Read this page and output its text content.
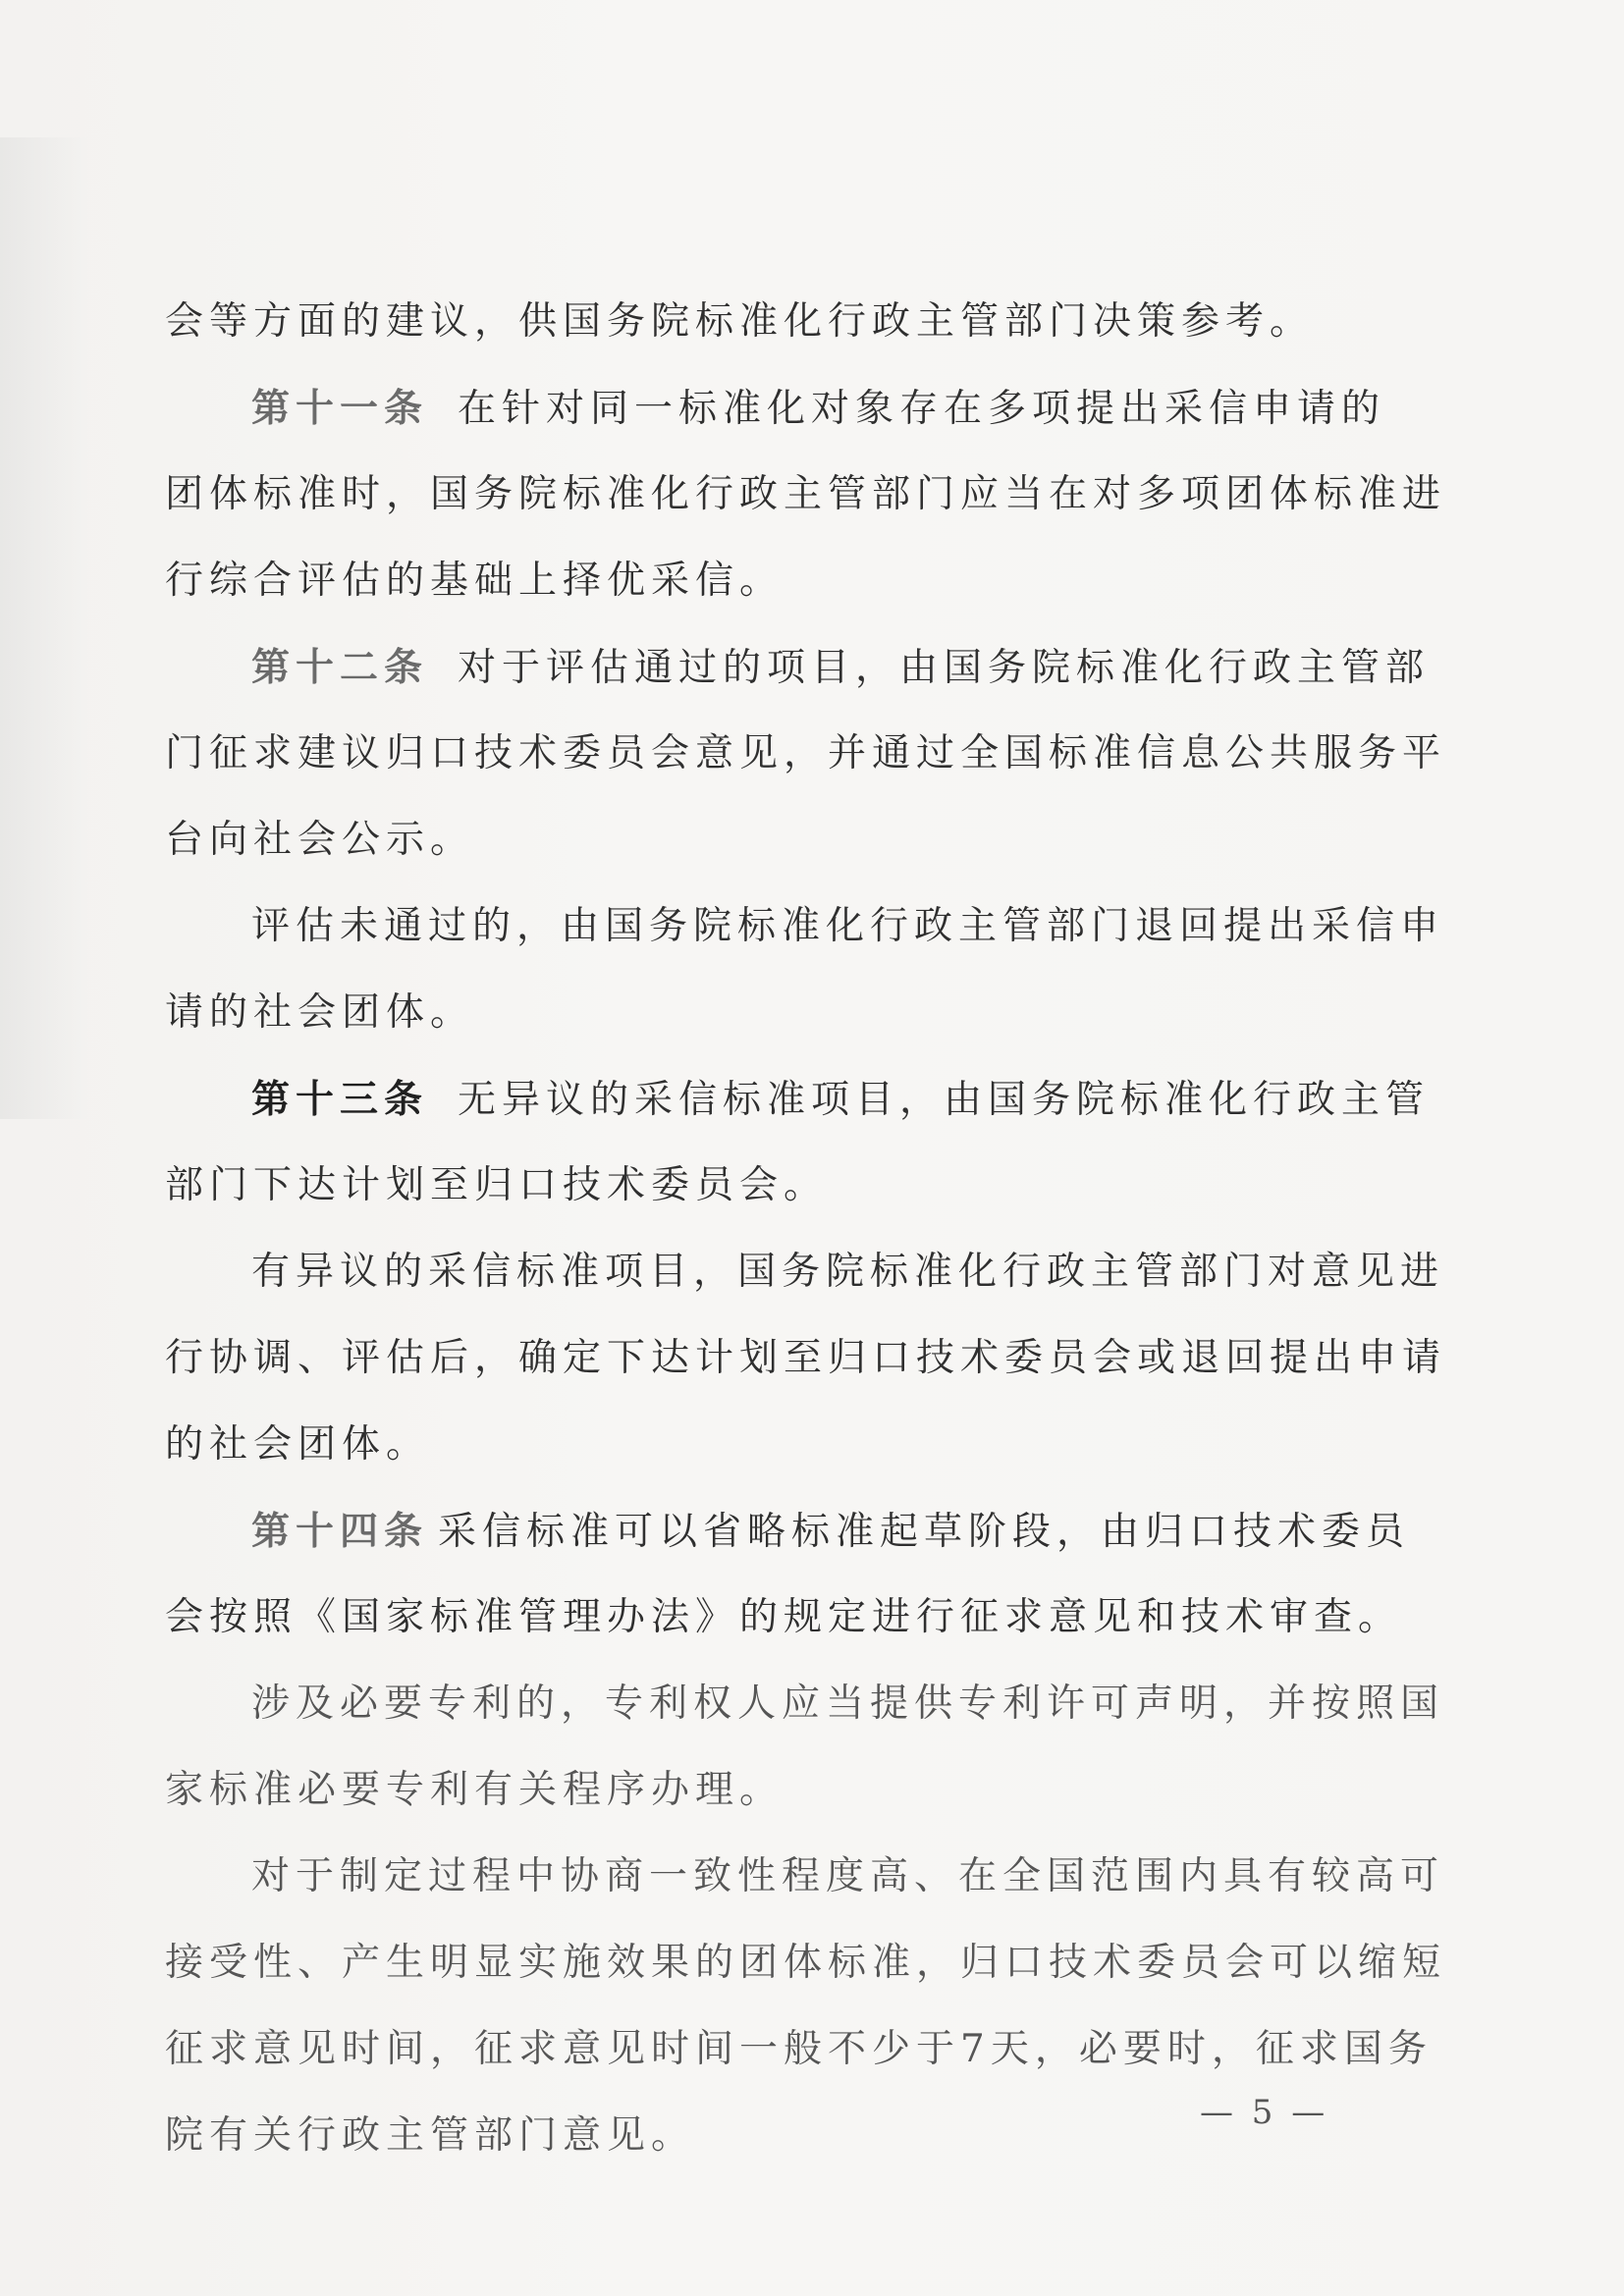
会等方面的建议，供国务院标准化行政主管部门决策参考。
第十一条 在针对同一标准化对象存在多项提出采信申请的
团体标准时，国务院标准化行政主管部门应当在对多项团体标准进
行综合评估的基础上择优采信。
第十二条 对于评估通过的项目，由国务院标准化行政主管部
门征求建议归口技术委员会意见，并通过全国标准信息公共服务平
台向社会公示。
评估未通过的，由国务院标准化行政主管部门退回提出采信申
请的社会团体。
第十三条 无异议的采信标准项目，由国务院标准化行政主管
部门下达计划至归口技术委员会。
有异议的采信标准项目，国务院标准化行政主管部门对意见进
行协调、评估后，确定下达计划至归口技术委员会或退回提出申请
的社会团体。
第十四条 采信标准可以省略标准起草阶段，由归口技术委员
会按照《国家标准管理办法》的规定进行征求意见和技术审查。
涉及必要专利的，专利权人应当提供专利许可声明，并按照国
家标准必要专利有关程序办理。
对于制定过程中协商一致性程度高、在全国范围内具有较高可
接受性、产生明显实施效果的团体标准，归口技术委员会可以缩短
征求意见时间，征求意见时间一般不少于7天，必要时，征求国务
院有关行政主管部门意见。
— 5 —
